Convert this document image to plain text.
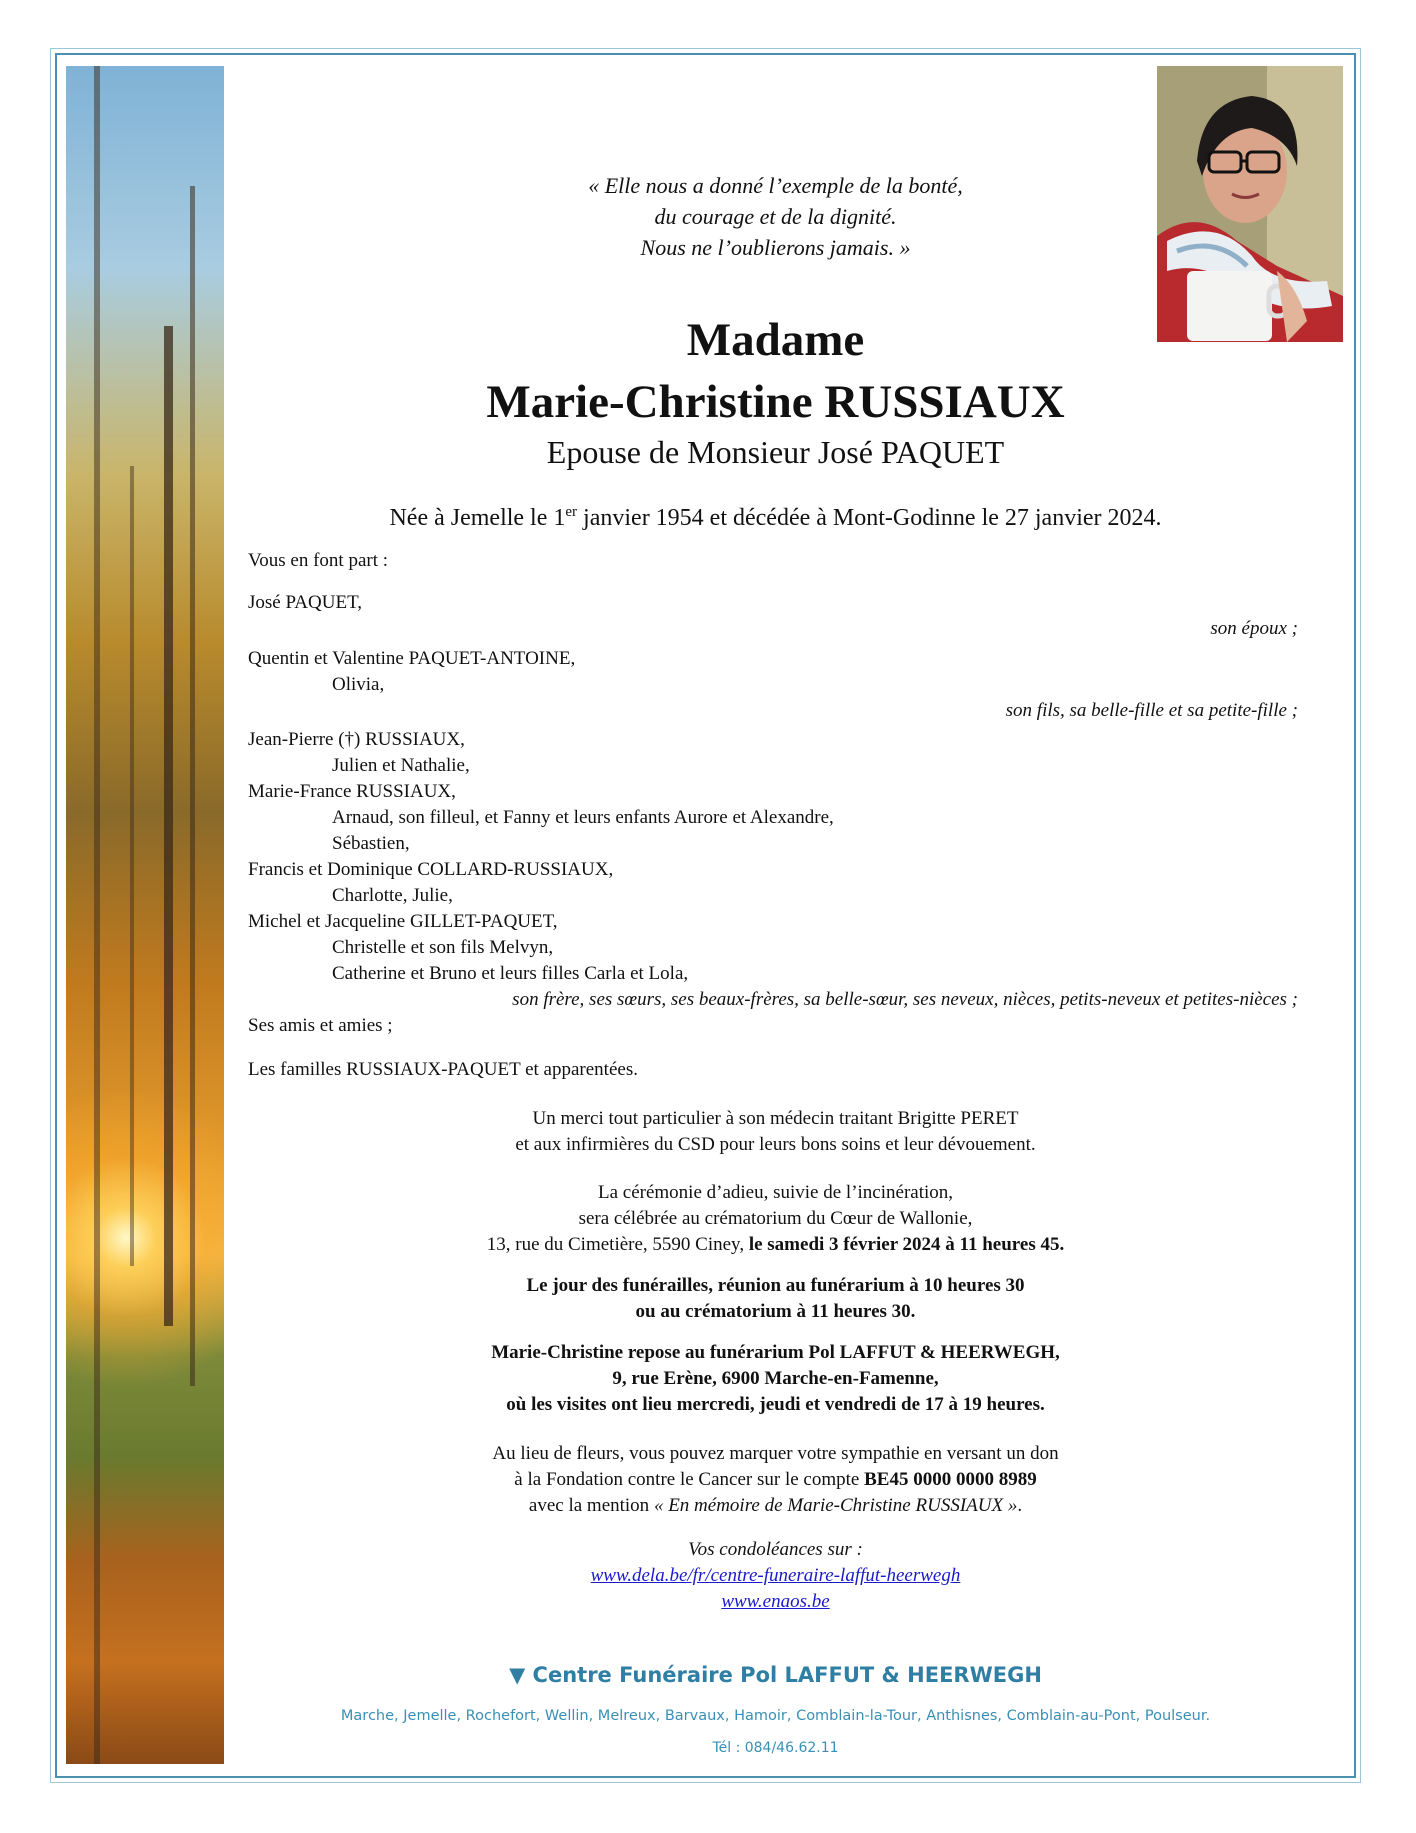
« Elle nous a donné l’exemple de la bonté,
du courage et de la dignité.
Nous ne l’oublierons jamais. »
Madame
Marie-Christine RUSSIAUX
Epouse de Monsieur José PAQUET
Née à Jemelle le 1er janvier 1954 et décédée à Mont-Godinne le 27 janvier 2024.
Vous en font part :
José PAQUET,
son époux ;
Quentin et Valentine PAQUET-ANTOINE,
Olivia,
son fils, sa belle-fille et sa petite-fille ;
Jean-Pierre (†) RUSSIAUX,
Julien et Nathalie,
Marie-France RUSSIAUX,
Arnaud, son filleul, et Fanny et leurs enfants Aurore et Alexandre,
Sébastien,
Francis et Dominique COLLARD-RUSSIAUX,
Charlotte, Julie,
Michel et Jacqueline GILLET-PAQUET,
Christelle et son fils Melvyn,
Catherine et Bruno et leurs filles Carla et Lola,
son frère, ses sœurs, ses beaux-frères, sa belle-sœur, ses neveux, nièces, petits-neveux et petites-nièces ;
Ses amis et amies ;
Les familles RUSSIAUX-PAQUET et apparentées.
Un merci tout particulier à son médecin traitant Brigitte PERET
et aux infirmières du CSD pour leurs bons soins et leur dévouement.
La cérémonie d’adieu, suivie de l’incinération,
sera célébrée au crématorium du Cœur de Wallonie,
13, rue du Cimetière, 5590 Ciney, le samedi 3 février 2024 à 11 heures 45.
Le jour des funérailles, réunion au funérarium à 10 heures 30
ou au crématorium à 11 heures 30.
Marie-Christine repose au funérarium Pol LAFFUT & HEERWEGH,
9, rue Erène, 6900 Marche-en-Famenne,
où les visites ont lieu mercredi, jeudi et vendredi de 17 à 19 heures.
Au lieu de fleurs, vous pouvez marquer votre sympathie en versant un don
à la Fondation contre le Cancer sur le compte BE45 0000 0000 8989
avec la mention « En mémoire de Marie-Christine RUSSIAUX ».
Vos condoléances sur :
www.dela.be/fr/centre-funeraire-laffut-heerwegh
www.enaos.be
▼ Centre Funéraire Pol LAFFUT & HEERWEGH
Marche, Jemelle, Rochefort, Wellin, Melreux, Barvaux, Hamoir, Comblain-la-Tour, Anthisnes, Comblain-au-Pont, Poulseur.
Tél : 084/46.62.11
